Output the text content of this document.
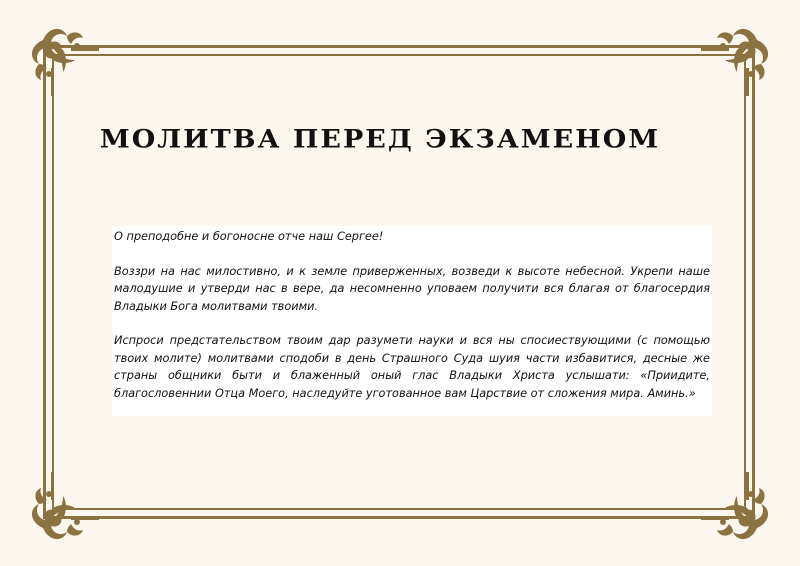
МОЛИТВА ПЕРЕД ЭКЗАМЕНОМ

О преподобне и богоносне отче наш Сергее!

Воззри на нас милостивно, и к земле приверженных, возведи к высоте небесной. Укрепи наше малодушие и утверди нас в вере, да несомненно уповаем получити вся благая от благосердия Владыки Бога молитвами твоими.

Испроси предстательством твоим дар разумети науки и вся ны спосиествующими (с помощью твоих молите) молитвами сподоби в день Страшного Суда шуия части избавитися, десные же страны общники быти и блаженный оный глас Владыки Христа услышати: «Приидите, благословеннии Отца Моего, наследуйте уготованное вам Царствие от сложения мира. Аминь.»
